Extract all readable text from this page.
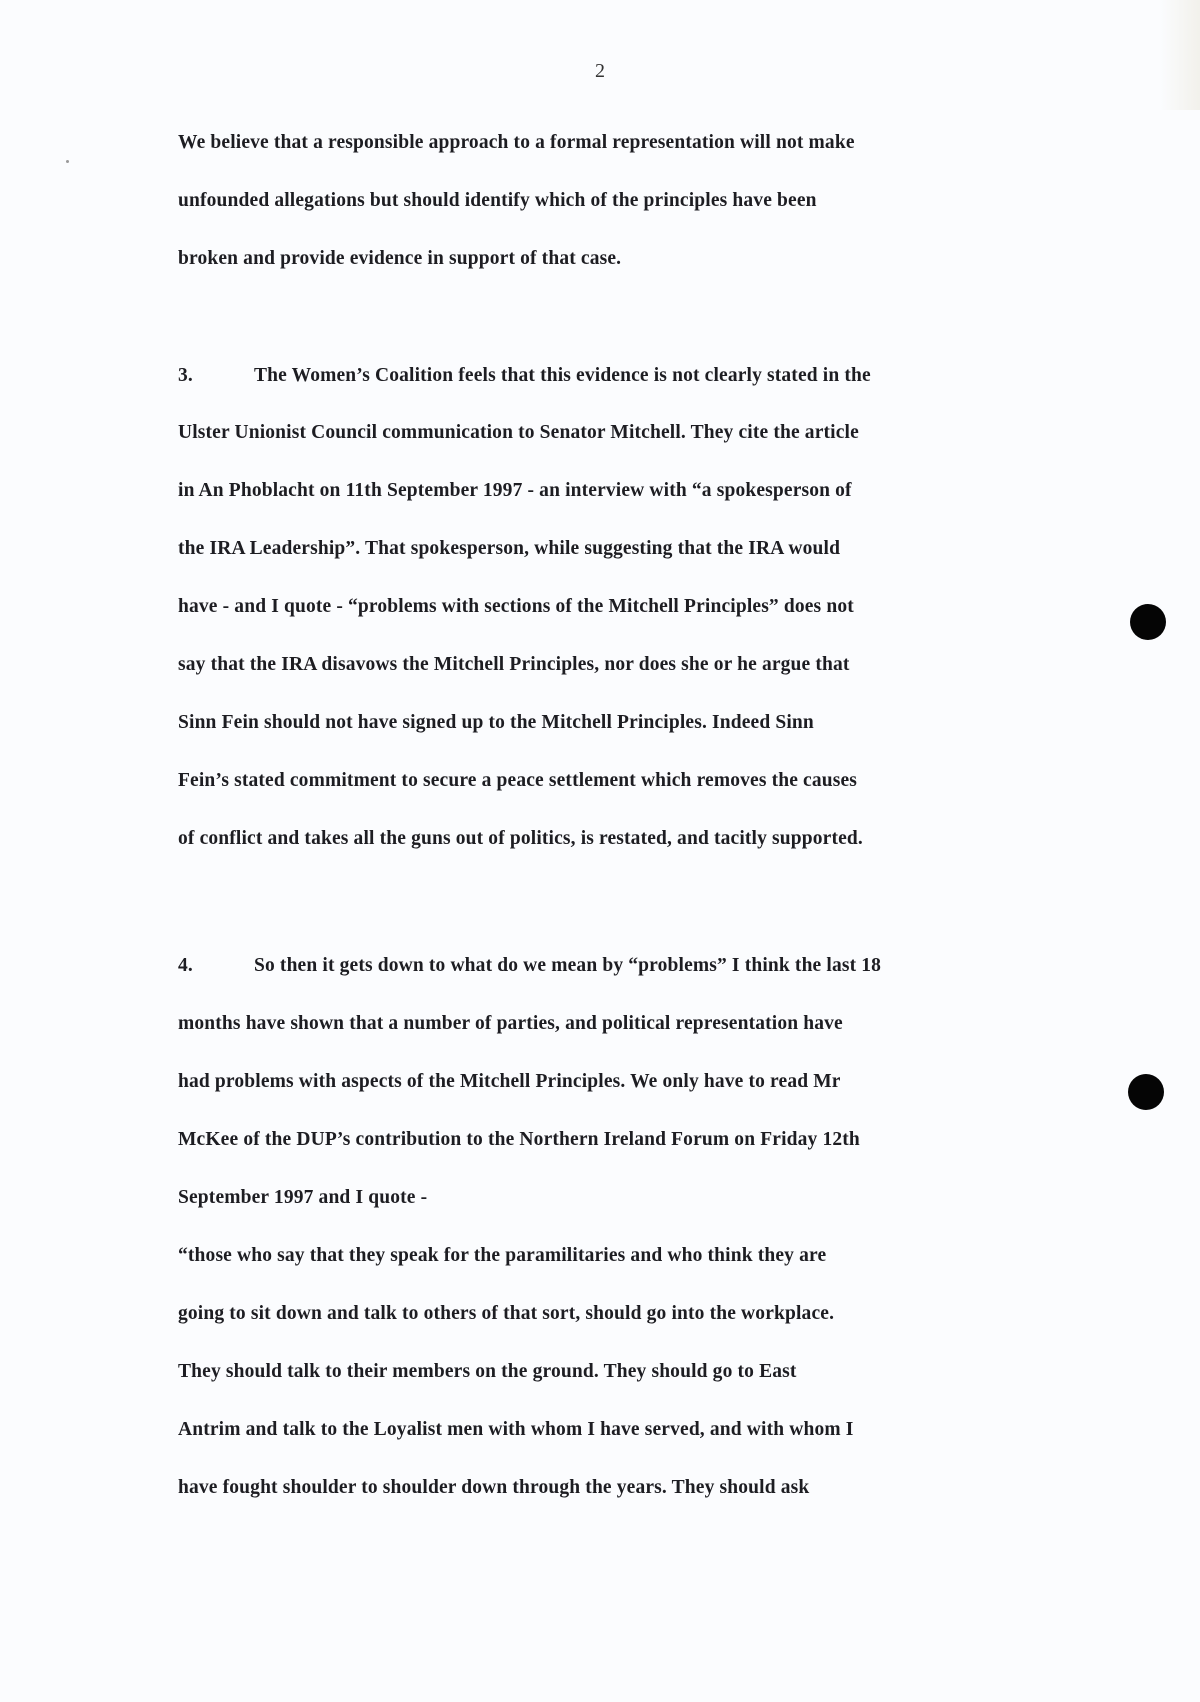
2
We believe that a responsible approach to a formal representation will not make
unfounded allegations but should identify which of the principles have been
broken and provide evidence in support of that case.
3.	The Women’s Coalition feels that this evidence is not clearly stated in the
Ulster Unionist Council communication to Senator Mitchell. They cite the article
in An Phoblacht on 11th September 1997 - an interview with “a spokesperson of
the IRA Leadership”. That spokesperson, while suggesting that the IRA would
have - and I quote - “problems with sections of the Mitchell Principles” does not
say that the IRA disavows the Mitchell Principles, nor does she or he argue that
Sinn Fein should not have signed up to the Mitchell Principles. Indeed Sinn
Fein’s stated commitment to secure a peace settlement which removes the causes
of conflict and takes all the guns out of politics, is restated, and tacitly supported.
4.	So then it gets down to what do we mean by “problems” I think the last 18
months have shown that a number of parties, and political representation have
had problems with aspects of the Mitchell Principles. We only have to read Mr
McKee of the DUP’s contribution to the Northern Ireland Forum on Friday 12th
September 1997 and I quote -
“those who say that they speak for the paramilitaries and who think they are
going to sit down and talk to others of that sort, should go into the workplace.
They should talk to their members on the ground. They should go to East
Antrim and talk to the Loyalist men with whom I have served, and with whom I
have fought shoulder to shoulder down through the years. They should ask
